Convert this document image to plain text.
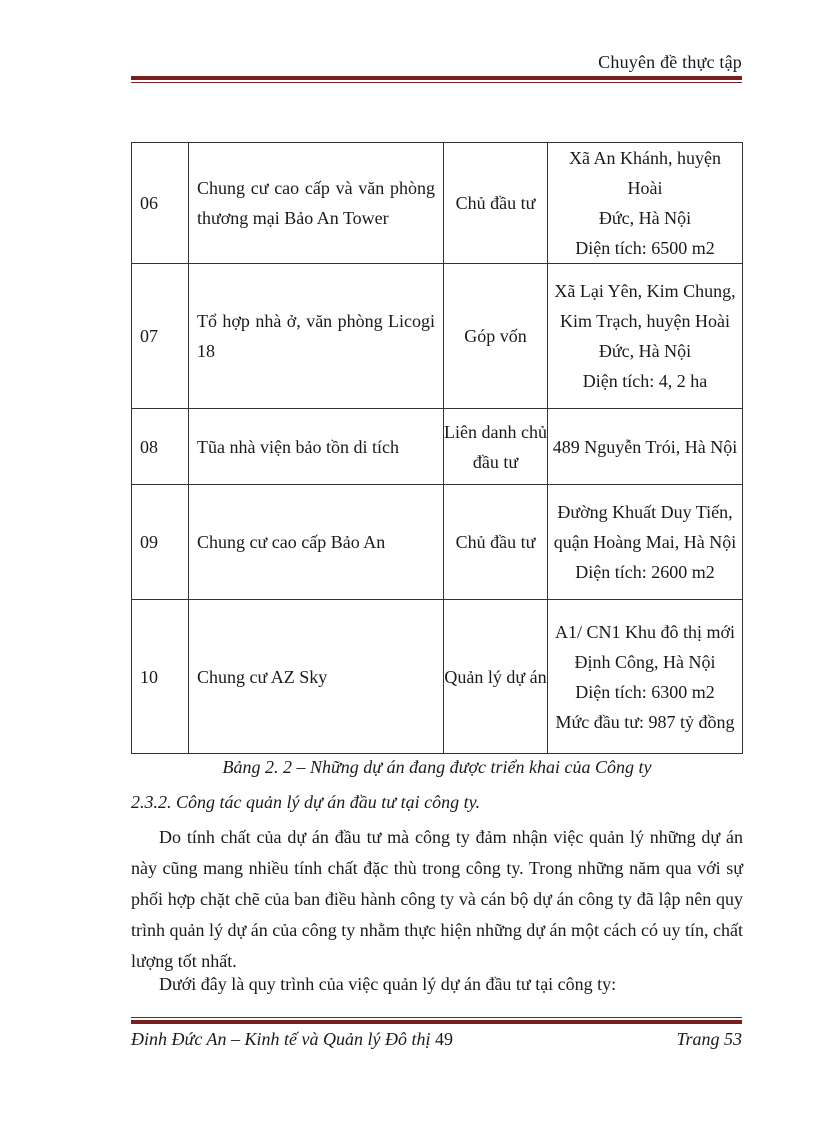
Chuyên đề thực tập
06	Chung cư cao cấp và văn phòng thương mại Bảo An Tower	Chủ đầu tư	Xã An Khánh, huyện Hoài
Đức, Hà Nội
Diện tích: 6500 m2

07	Tổ hợp nhà ở, văn phòng Licogi 18	Góp vốn	Xã Lại Yên, Kim Chung,
Kim Trạch, huyện Hoài
Đức, Hà Nội
Diện tích: 4, 2 ha

08	Tũa nhà viện bảo tồn di tích	Liên danh chủ đầu tư	489 Nguyễn Trói, Hà Nội

09	Chung cư cao cấp Bảo An	Chủ đầu tư	Đường Khuất Duy Tiến,
quận Hoàng Mai, Hà Nội
Diện tích: 2600 m2

10	Chung cư AZ Sky	Quản lý dự án	A1/ CN1 Khu đô thị mới
Định Công, Hà Nội
Diện tích: 6300 m2
Mức đầu tư: 987 tỷ đồng
Bảng 2. 2 – Những dự án đang được triển khai của Công ty
2.3.2. Công tác quản lý dự án đầu tư tại công ty.

Do tính chất của dự án đầu tư mà công ty đảm nhận việc quản lý những dự án này cũng mang nhiều tính chất đặc thù trong công ty. Trong những năm qua với sự phối hợp chặt chẽ của ban điều hành công ty và cán bộ dự án công ty đã lập nên quy trình quản lý dự án của công ty nhằm thực hiện những dự án một cách có uy tín, chất lượng tốt nhất.

Dưới đây là quy trình của việc quản lý dự án đầu tư tại công ty:

Đinh Đức An – Kinh tế và Quản lý Đô thị 49	Trang 53
